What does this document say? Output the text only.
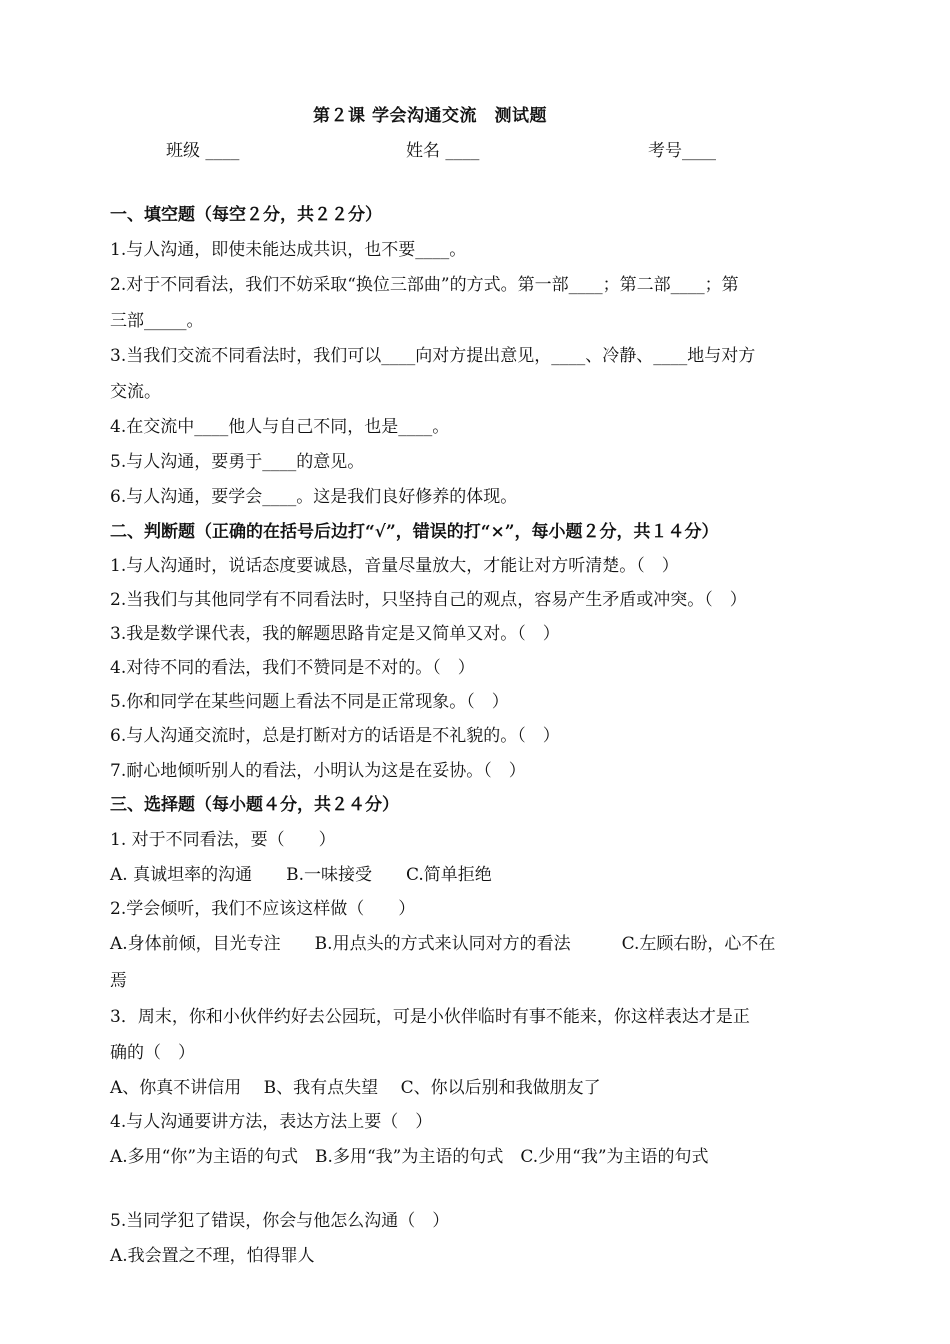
第２课 学会沟通交流　测试题
班级 ____	姓名 ____	考号____
一、填空题（每空２分，共２２分）
1.与人沟通，即使未能达成共识，也不要____。
2.对于不同看法，我们不妨采取“换位三部曲”的方式。第一部____；第二部____；第
三部_____。
3.当我们交流不同看法时，我们可以____向对方提出意见，____、冷静、____地与对方
交流。
4.在交流中____他人与自己不同，也是____。
5.与人沟通，要勇于____的意见。
6.与人沟通，要学会____。这是我们良好修养的体现。
二、判断题（正确的在括号后边打“√”，错误的打“×”，每小题２分，共１４分）
1.与人沟通时，说话态度要诚恳，音量尽量放大，才能让对方听清楚。（　）
2.当我们与其他同学有不同看法时，只坚持自己的观点，容易产生矛盾或冲突。（　）
3.我是数学课代表，我的解题思路肯定是又简单又对。（　）
4.对待不同的看法，我们不赞同是不对的。（　）
5.你和同学在某些问题上看法不同是正常现象。（　）
6.与人沟通交流时，总是打断对方的话语是不礼貌的。（　）
7.耐心地倾听别人的看法，小明认为这是在妥协。（　）
三、选择题（每小题４分，共２４分）
1. 对于不同看法，要（　　）
A. 真诚坦率的沟通　　B.一味接受　　C.简单拒绝
2.学会倾听，我们不应该这样做（　　）
A.身体前倾，目光专注　　B.用点头的方式来认同对方的看法　　　C.左顾右盼，心不在
焉
3．周末，你和小伙伴约好去公园玩，可是小伙伴临时有事不能来，你这样表达才是正
确的（　）
A、你真不讲信用　 B、我有点失望　 C、你以后别和我做朋友了
4.与人沟通要讲方法，表达方法上要（　）
A.多用“你”为主语的句式　B.多用“我”为主语的句式　C.少用“我”为主语的句式
5.当同学犯了错误，你会与他怎么沟通（　）
A.我会置之不理，怕得罪人
